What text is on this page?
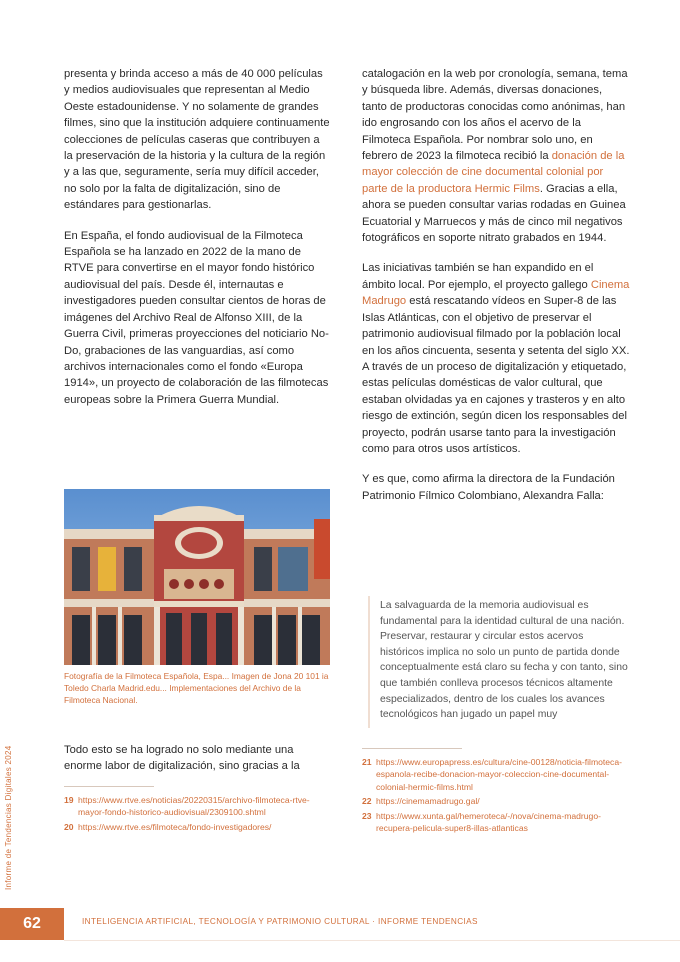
presenta y brinda acceso a más de 40 000 películas y medios audiovisuales que representan al Medio Oeste estadounidense. Y no solamente de grandes filmes, sino que la institución adquiere continuamente colecciones de películas caseras que contribuyen a la preservación de la historia y la cultura de la región y a las que, seguramente, sería muy difícil acceder, no solo por la falta de digitalización, sino de estándares para gestionarlas.

En España, el fondo audiovisual de la Filmoteca Española se ha lanzado en 2022 de la mano de RTVE para convertirse en el mayor fondo histórico audiovisual del país. Desde él, internautas e investigadores pueden consultar cientos de horas de imágenes del Archivo Real de Alfonso XIII, de la Guerra Civil, primeras proyecciones del noticiario No-Do, grabaciones de las vanguardias, así como archivos internacionales como el fondo «Europa 1914», un proyecto de colaboración de las filmotecas europeas sobre la Primera Guerra Mundial.

Fotografía de la Filmoteca Española, Espa... Imagen de Jona 20 101 ia Toledo Charla Madrid.edu... Implementaciones del Archivo de la Filmoteca Nacional.
Todo esto se ha logrado no solo mediante una enorme labor de digitalización, sino gracias a la
19 https://www.rtve.es/noticias/20220315/archivo-filmoteca-rtve-mayor-fondo-historico-audiovisual/2309100.shtml
20 https://www.rtve.es/filmoteca/fondo-investigadores/

catalogación en la web por cronología, semana, tema y búsqueda libre. Además, diversas donaciones, tanto de productoras conocidas como anónimas, han ido engrosando con los años el acervo de la Filmoteca Española. Por nombrar solo uno, en febrero de 2023 la filmoteca recibió la donación de la mayor colección de cine documental colonial por parte de la productora Hermic Films. Gracias a ella, ahora se pueden consultar varias rodadas en Guinea Ecuatorial y Marruecos y más de cinco mil negativos fotográficos en soporte nitrato grabados en 1944.

Las iniciativas también se han expandido en el ámbito local. Por ejemplo, el proyecto gallego Cinema Madrugo está rescatando vídeos en Super-8 de las Islas Atlánticas, con el objetivo de preservar el patrimonio audiovisual filmado por la población local en los años cincuenta, sesenta y setenta del siglo XX. A través de un proceso de digitalización y etiquetado, estas películas domésticas de valor cultural, que estaban olvidadas ya en cajones y trasteros y en alto riesgo de extinción, según dicen los responsables del proyecto, podrán usarse tanto para la investigación como para otros usos artísticos.

Y es que, como afirma la directora de la Fundación Patrimonio Fílmico Colombiano, Alexandra Falla:

La salvaguarda de la memoria audiovisual es fundamental para la identidad cultural de una nación. Preservar, restaurar y circular estos acervos históricos implica no solo un punto de partida donde conceptualmente está claro su fecha y con tanto, sino que también conlleva procesos técnicos altamente especializados, dentro de los cuales los avances tecnológicos han jugado un papel muy
21 https://www.europapress.es/cultura/cine-00128/noticia-filmoteca-espanola-recibe-donacion-mayor-coleccion-cine-documental-colonial-hermic-films.html
22 https://cinemamadrugo.gal/
23 https://www.xunta.gal/hemeroteca/-/nova/cinema-madrugo-recupera-pelicula-super8-illas-atlanticas
Informe de Tendencias Digitales 2024
62	INTELIGENCIA ARTIFICIAL, TECNOLOGÍA Y PATRIMONIO CULTURAL · INFORME TENDENCIAS
